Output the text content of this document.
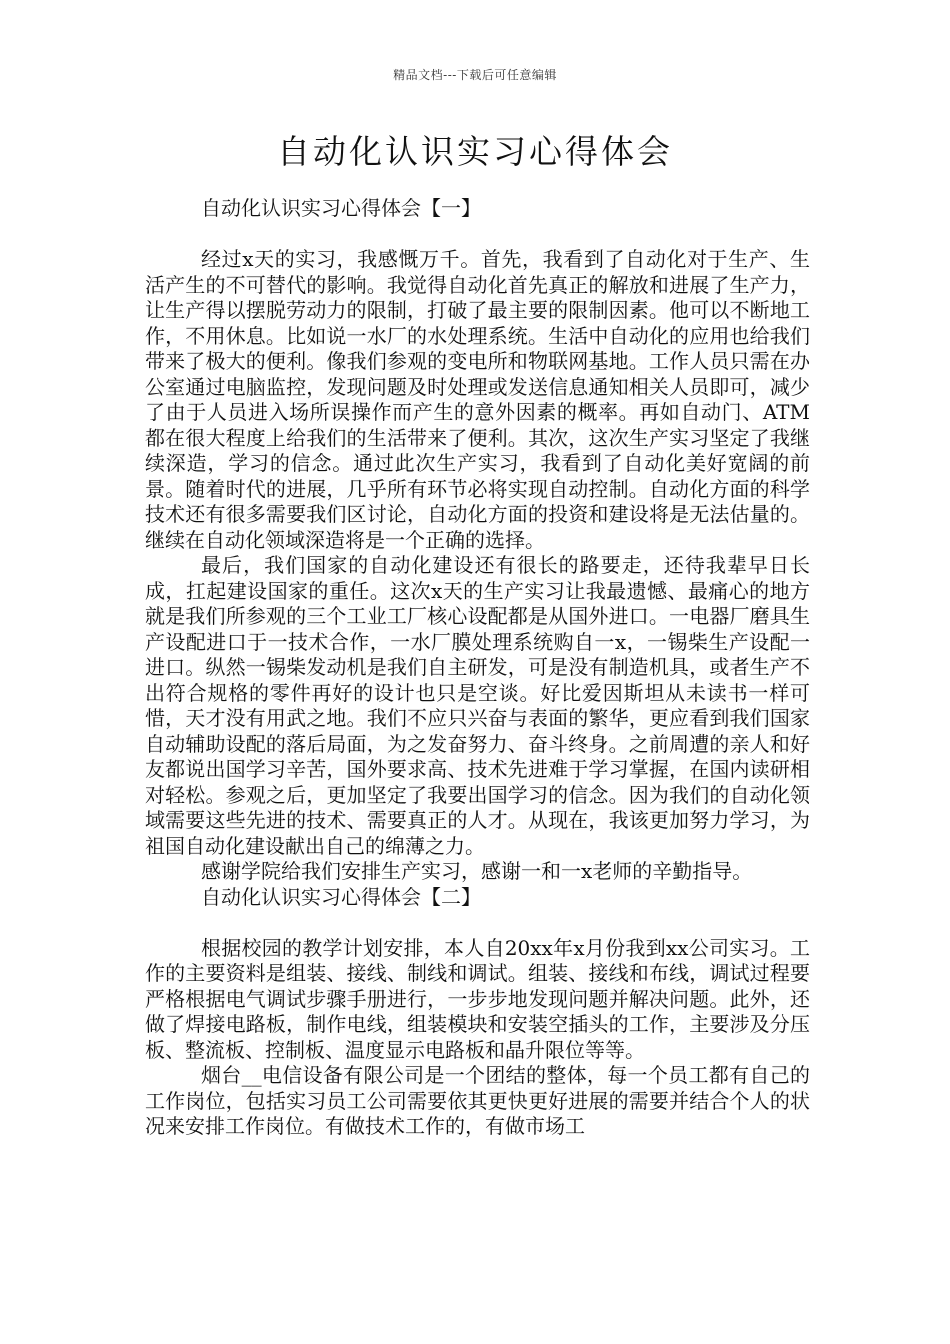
精品文档---下载后可任意编辑
自动化认识实习心得体会

自动化认识实习心得体会【一】

经过x天的实习，我感慨万千。首先，我看到了自动化对于生产、生活产生的不可替代的影响。我觉得自动化首先真正的解放和进展了生产力，让生产得以摆脱劳动力的限制，打破了最主要的限制因素。他可以不断地工作，不用休息。比如说一水厂的水处理系统。生活中自动化的应用也给我们带来了极大的便利。像我们参观的变电所和物联网基地。工作人员只需在办公室通过电脑监控，发现问题及时处理或发送信息通知相关人员即可，减少了由于人员进入场所误操作而产生的意外因素的概率。再如自动门、ATM都在很大程度上给我们的生活带来了便利。其次，这次生产实习坚定了我继续深造，学习的信念。通过此次生产实习，我看到了自动化美好宽阔的前景。随着时代的进展，几乎所有环节必将实现自动控制。自动化方面的科学技术还有很多需要我们区讨论，自动化方面的投资和建设将是无法估量的。继续在自动化领域深造将是一个正确的选择。

最后，我们国家的自动化建设还有很长的路要走，还待我辈早日长成，扛起建设国家的重任。这次x天的生产实习让我最遗憾、最痛心的地方就是我们所参观的三个工业工厂核心设配都是从国外进口。一电器厂磨具生产设配进口于一技术合作，一水厂膜处理系统购自一x，一锡柴生产设配一进口。纵然一锡柴发动机是我们自主研发，可是没有制造机具，或者生产不出符合规格的零件再好的设计也只是空谈。好比爱因斯坦从未读书一样可惜，天才没有用武之地。我们不应只兴奋与表面的繁华，更应看到我们国家自动辅助设配的落后局面，为之发奋努力、奋斗终身。之前周遭的亲人和好友都说出国学习辛苦，国外要求高、技术先进难于学习掌握，在国内读研相对轻松。参观之后，更加坚定了我要出国学习的信念。因为我们的自动化领域需要这些先进的技术、需要真正的人才。从现在，我该更加努力学习，为祖国自动化建设献出自己的绵薄之力。

感谢学院给我们安排生产实习，感谢一和一x老师的辛勤指导。

自动化认识实习心得体会【二】

根据校园的教学计划安排，本人自20xx年x月份我到xx公司实习。工作的主要资料是组装、接线、制线和调试。组装、接线和布线，调试过程要严格根据电气调试步骤手册进行，一步步地发现问题并解决问题。此外，还做了焊接电路板，制作电线，组装模块和安装空插头的工作，主要涉及分压板、整流板、控制板、温度显示电路板和晶升限位等等。

烟台__电信设备有限公司是一个团结的整体，每一个员工都有自己的工作岗位，包括实习员工公司需要依其更快更好进展的需要并结合个人的状况来安排工作岗位。有做技术工作的，有做市场工
